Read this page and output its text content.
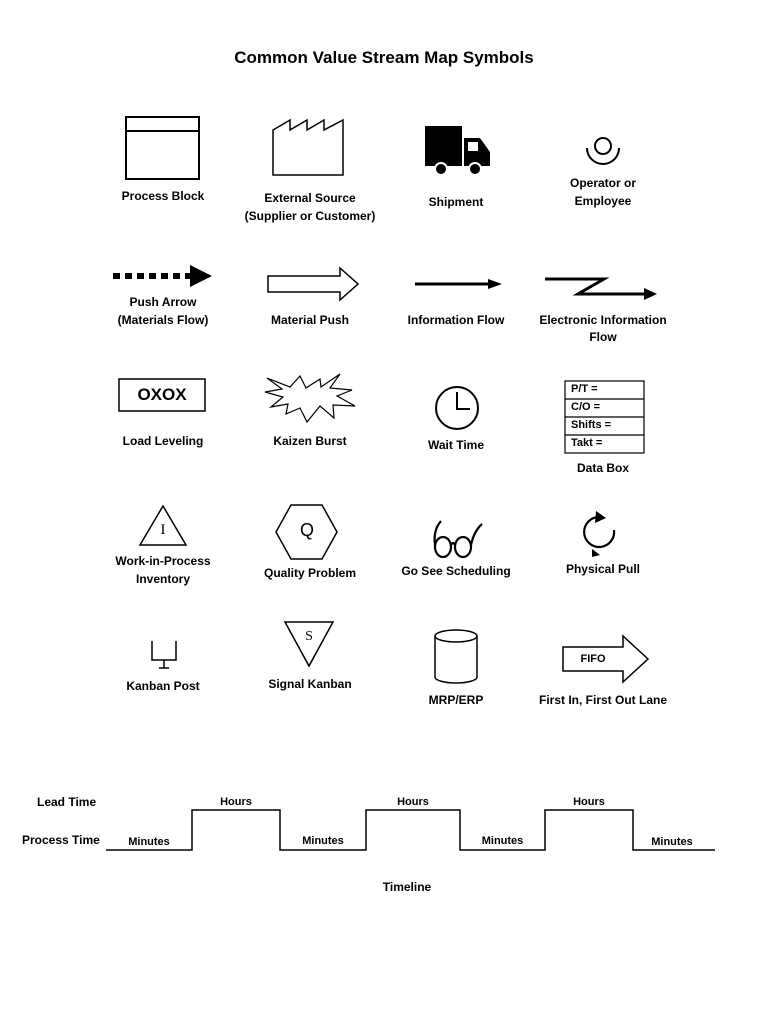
Common Value Stream Map Symbols
Process Block	External Source
(Supplier or Customer)
Shipment
Operator or
Employee
Push Arrow
(Materials Flow)	Material Push	Information Flow	Electronic Information
Flow
OXOX
Load Leveling	Kaizen Burst	Wait Time
P/T =
C/O =
Shifts =
Takt =
Data Box
I
Work-in-Process
Inventory
Q
Quality Problem	Go See Scheduling	Physical Pull
Kanban Post
S
Signal Kanban
MRP/ERP
FIFO
First In, First Out Lane
Lead Time
Process Time
Hours	Hours	Hours
Minutes	Minutes	Minutes	Minutes
Timeline
